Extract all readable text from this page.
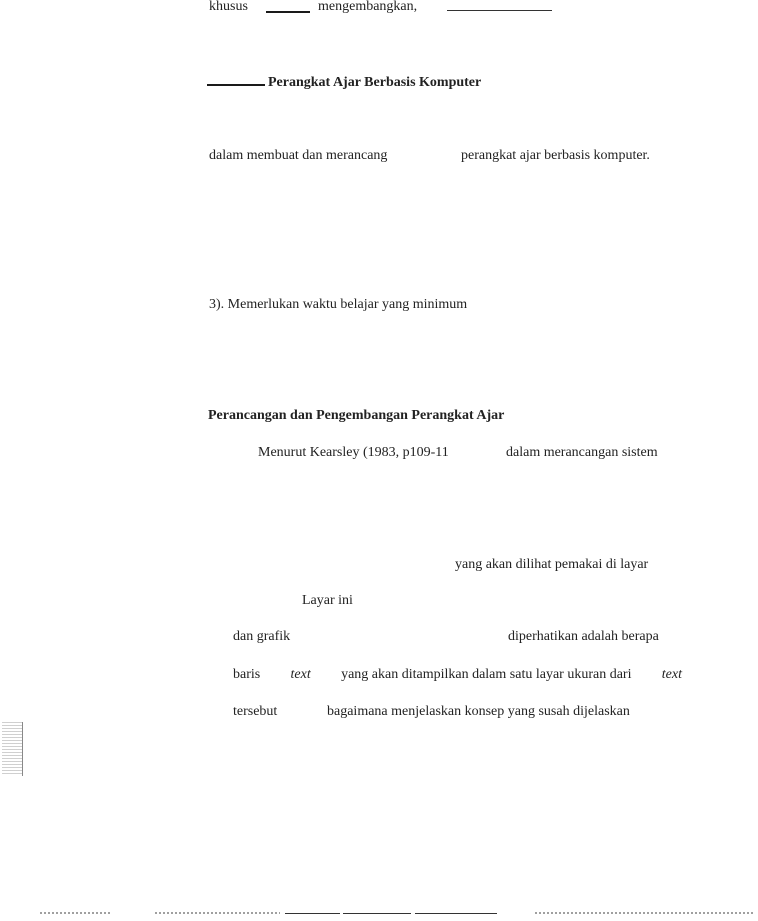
khusus	mengembangkan,
Perangkat Ajar Berbasis Komputer
dalam membuat dan merancang	perangkat ajar berbasis komputer.
3). Memerlukan waktu belajar yang minimum
Perancangan dan Pengembangan Perangkat Ajar
Menurut Kearsley (1983, p109-11	dalam merancangan sistem
yang akan dilihat pemakai di layar
Layar ini
dan grafik	diperhatikan adalah berapa
baris text yang akan ditampilkan dalam satu layar ukuran dari text
tersebut	bagaimana menjelaskan konsep yang susah dijelaskan
